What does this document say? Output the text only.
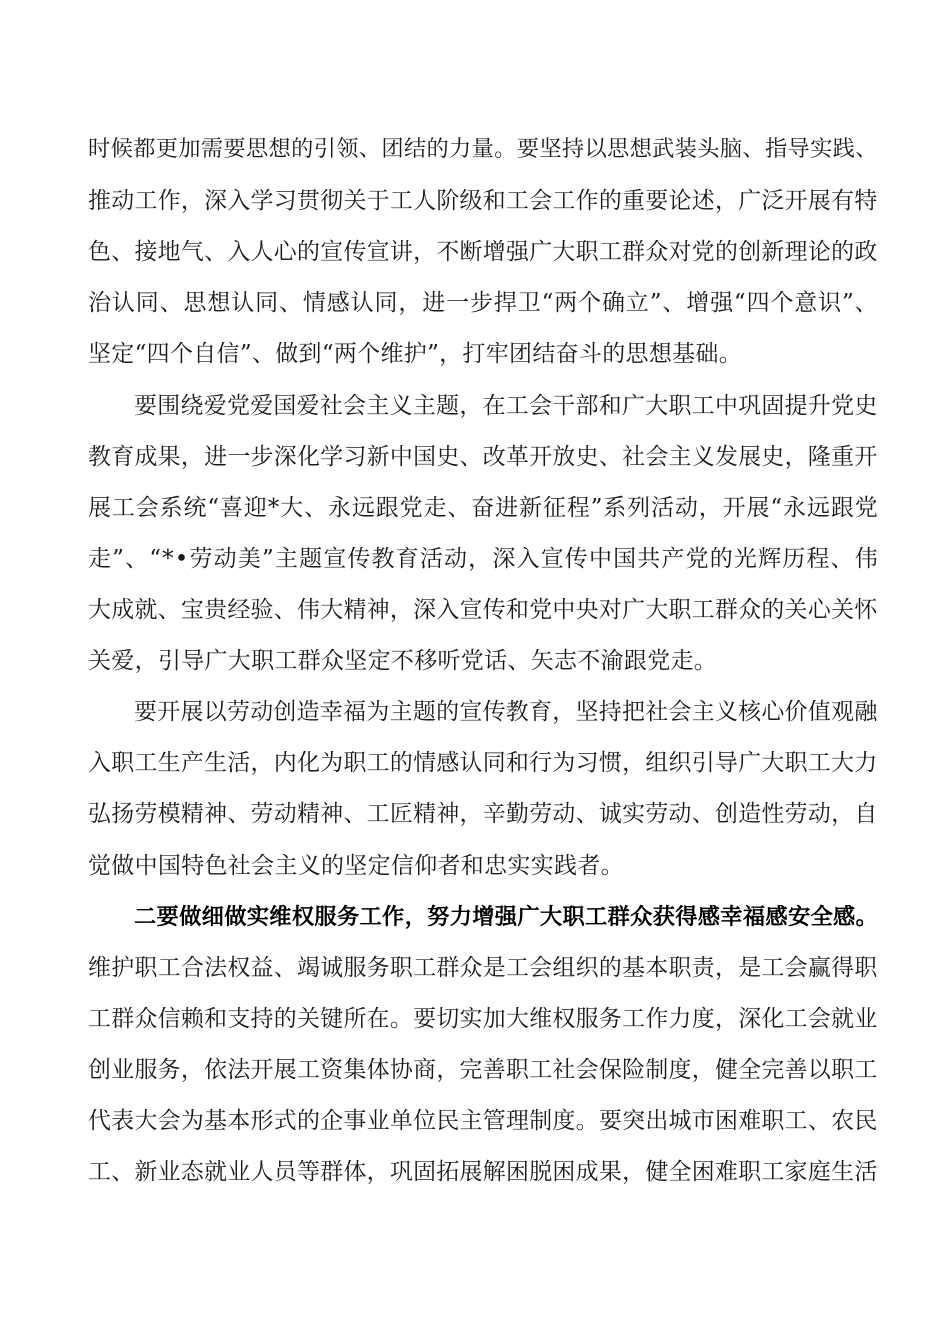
时候都更加需要思想的引领、团结的力量。要坚持以思想武装头脑、指导实践、
推动工作，深入学习贯彻关于工人阶级和工会工作的重要论述，广泛开展有特
色、接地气、入人心的宣传宣讲，不断增强广大职工群众对党的创新理论的政
治认同、思想认同、情感认同，进一步捍卫“两个确立”、增强“四个意识”、
坚定“四个自信”、做到“两个维护”，打牢团结奋斗的思想基础。
要围绕爱党爱国爱社会主义主题，在工会干部和广大职工中巩固提升党史
教育成果，进一步深化学习新中国史、改革开放史、社会主义发展史，隆重开
展工会系统“喜迎*大、永远跟党走、奋进新征程”系列活动，开展“永远跟党
走”、“*•劳动美”主题宣传教育活动，深入宣传中国共产党的光辉历程、伟
大成就、宝贵经验、伟大精神，深入宣传和党中央对广大职工群众的关心关怀
关爱，引导广大职工群众坚定不移听党话、矢志不渝跟党走。
要开展以劳动创造幸福为主题的宣传教育，坚持把社会主义核心价值观融
入职工生产生活，内化为职工的情感认同和行为习惯，组织引导广大职工大力
弘扬劳模精神、劳动精神、工匠精神，辛勤劳动、诚实劳动、创造性劳动，自
觉做中国特色社会主义的坚定信仰者和忠实实践者。
二要做细做实维权服务工作，努力增强广大职工群众获得感幸福感安全感。
维护职工合法权益、竭诚服务职工群众是工会组织的基本职责，是工会赢得职
工群众信赖和支持的关键所在。要切实加大维权服务工作力度，深化工会就业
创业服务，依法开展工资集体协商，完善职工社会保险制度，健全完善以职工
代表大会为基本形式的企事业单位民主管理制度。要突出城市困难职工、农民
工、新业态就业人员等群体，巩固拓展解困脱困成果，健全困难职工家庭生活
